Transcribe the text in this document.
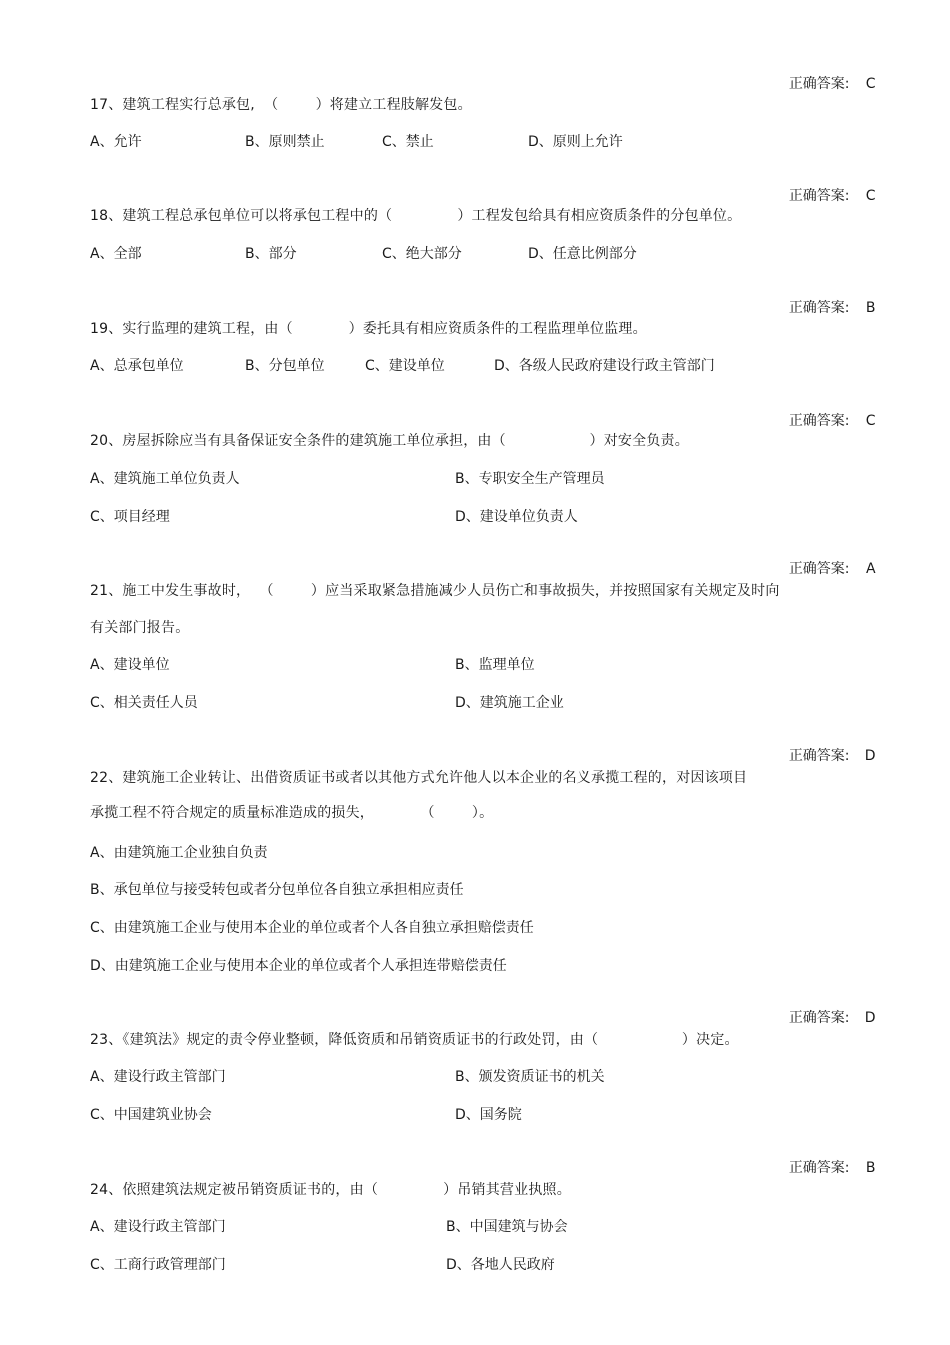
正确答案: C

17、建筑工程实行总承包,  （        ）将建立工程肢解发包。
A、允许	B、原则禁止	C、禁止	D、原则上允许

正确答案: C

18、建筑工程总承包单位可以将承包工程中的（              ）工程发包给具有相应资质条件的分包单位。
A、全部	B、部分	C、绝大部分	D、任意比例部分

正确答案: B

19、实行监理的建筑工程，由（            ）委托具有相应资质条件的工程监理单位监理。
A、总承包单位	B、分包单位	C、建设单位	D、各级人民政府建设行政主管部门

正确答案: C

20、房屋拆除应当有具备保证安全条件的建筑施工单位承担，由（                  ）对安全负责。
A、建筑施工单位负责人	B、专职安全生产管理员
C、项目经理	D、建设单位负责人

正确答案: A

21、施工中发生事故时，  （        ）应当采取紧急措施减少人员伤亡和事故损失，并按照国家有关规定及时向
有关部门报告。
A、建设单位	B、监理单位
C、相关责任人员	D、建筑施工企业

正确答案: D

22、建筑施工企业转让、出借资质证书或者以其他方式允许他人以本企业的名义承揽工程的，对因该项目
承揽工程不符合规定的质量标准造成的损失，          （        ）。
A、由建筑施工企业独自负责
B、承包单位与接受转包或者分包单位各自独立承担相应责任
C、由建筑施工企业与使用本企业的单位或者个人各自独立承担赔偿责任
D、由建筑施工企业与使用本企业的单位或者个人承担连带赔偿责任

正确答案: D

23、《建筑法》规定的责令停业整顿，降低资质和吊销资质证书的行政处罚，由（                  ）决定。
A、建设行政主管部门	B、颁发资质证书的机关
C、中国建筑业协会	D、国务院

正确答案: B

24、依照建筑法规定被吊销资质证书的，由（              ）吊销其营业执照。
A、建设行政主管部门	B、中国建筑与协会
C、工商行政管理部门	D、各地人民政府
